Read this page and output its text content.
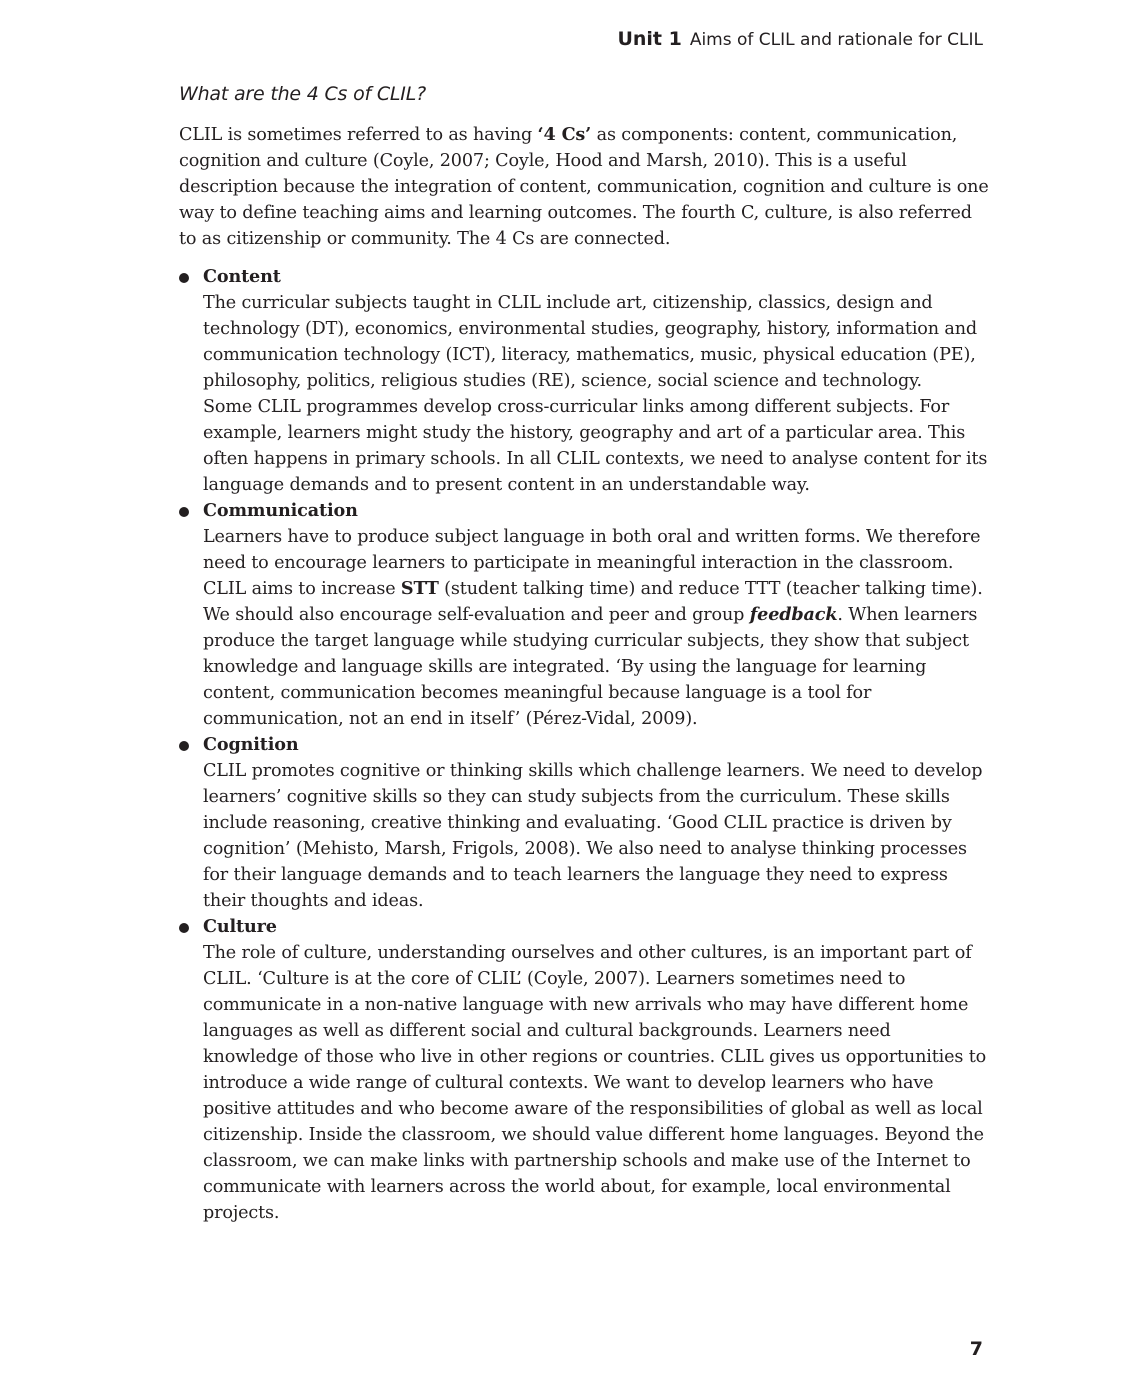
Unit 1 Aims of CLIL and rationale for CLIL
What are the 4 Cs of CLIL?

CLIL is sometimes referred to as having ‘4 Cs’ as components: content, communication, cognition and culture (Coyle, 2007; Coyle, Hood and Marsh, 2010). This is a useful description because the integration of content, communication, cognition and culture is one way to define teaching aims and learning outcomes. The fourth C, culture, is also referred to as citizenship or community. The 4 Cs are connected.

Content
The curricular subjects taught in CLIL include art, citizenship, classics, design and technology (DT), economics, environmental studies, geography, history, information and communication technology (ICT), literacy, mathematics, music, physical education (PE), philosophy, politics, religious studies (RE), science, social science and technology.
Some CLIL programmes develop cross-curricular links among different subjects. For example, learners might study the history, geography and art of a particular area. This often happens in primary schools. In all CLIL contexts, we need to analyse content for its language demands and to present content in an understandable way.
Communication
Learners have to produce subject language in both oral and written forms. We therefore need to encourage learners to participate in meaningful interaction in the classroom. CLIL aims to increase STT (student talking time) and reduce TTT (teacher talking time). We should also encourage self-evaluation and peer and group feedback. When learners produce the target language while studying curricular subjects, they show that subject knowledge and language skills are integrated. ‘By using the language for learning content, communication becomes meaningful because language is a tool for communication, not an end in itself’ (Pérez-Vidal, 2009).
Cognition
CLIL promotes cognitive or thinking skills which challenge learners. We need to develop learners’ cognitive skills so they can study subjects from the curriculum. These skills include reasoning, creative thinking and evaluating. ‘Good CLIL practice is driven by cognition’ (Mehisto, Marsh, Frigols, 2008). We also need to analyse thinking processes for their language demands and to teach learners the language they need to express their thoughts and ideas.
Culture
The role of culture, understanding ourselves and other cultures, is an important part of CLIL. ‘Culture is at the core of CLIL’ (Coyle, 2007). Learners sometimes need to communicate in a non-native language with new arrivals who may have different home languages as well as different social and cultural backgrounds. Learners need knowledge of those who live in other regions or countries. CLIL gives us opportunities to introduce a wide range of cultural contexts. We want to develop learners who have positive attitudes and who become aware of the responsibilities of global as well as local citizenship. Inside the classroom, we should value different home languages. Beyond the classroom, we can make links with partnership schools and make use of the Internet to communicate with learners across the world about, for example, local environmental projects.
7
